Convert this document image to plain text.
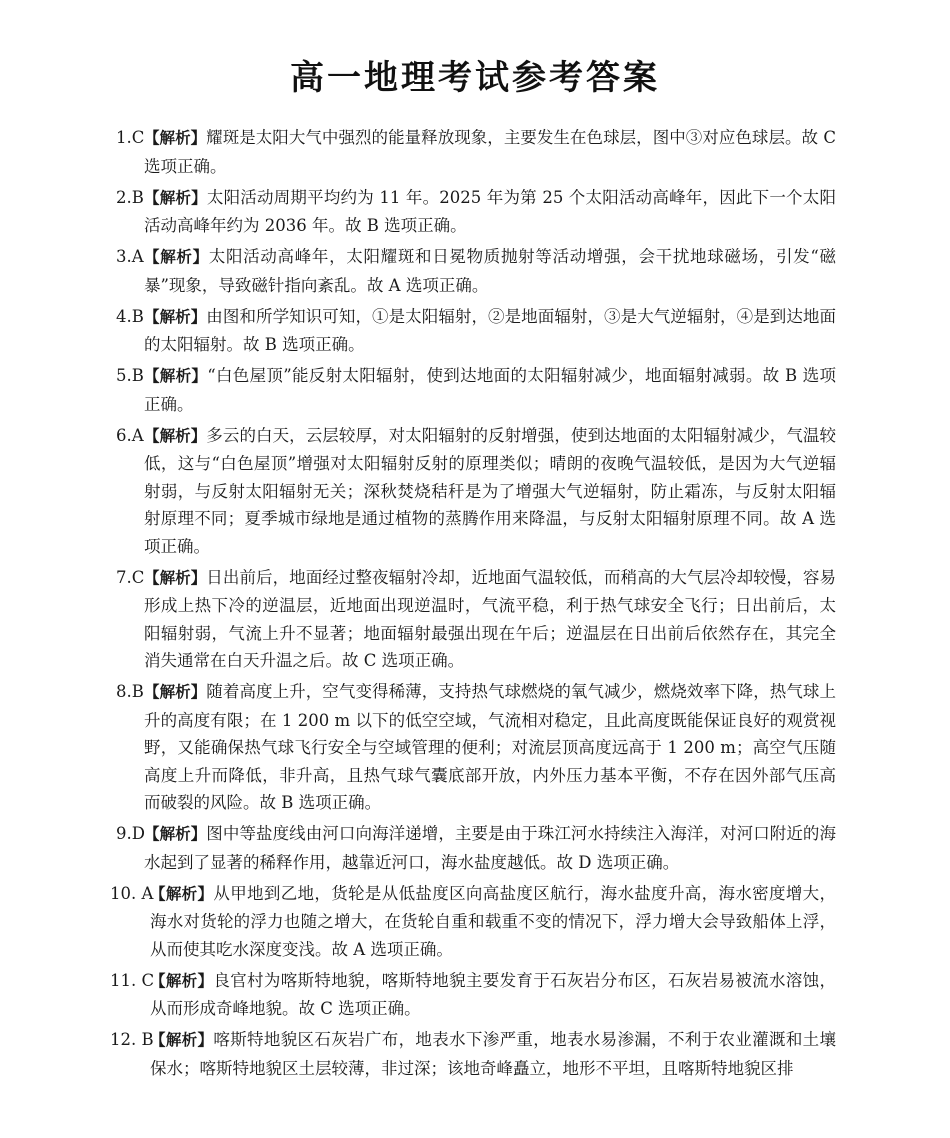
高一地理考试参考答案
1.C 【解析】耀斑是太阳大气中强烈的能量释放现象，主要发生在色球层，图中③对应色球层。故 C 选项正确。
2.B 【解析】太阳活动周期平均约为 11 年。2025 年为第 25 个太阳活动高峰年，因此下一个太阳活动高峰年约为 2036 年。故 B 选项正确。
3.A 【解析】太阳活动高峰年，太阳耀斑和日冕物质抛射等活动增强，会干扰地球磁场，引发“磁暴”现象，导致磁针指向紊乱。故 A 选项正确。
4.B 【解析】由图和所学知识可知，①是太阳辐射，②是地面辐射，③是大气逆辐射，④是到达地面的太阳辐射。故 B 选项正确。
5.B 【解析】“白色屋顶”能反射太阳辐射，使到达地面的太阳辐射减少，地面辐射减弱。故 B 选项正确。
6.A 【解析】多云的白天，云层较厚，对太阳辐射的反射增强，使到达地面的太阳辐射减少，气温较低，这与“白色屋顶”增强对太阳辐射反射的原理类似；晴朗的夜晚气温较低，是因为大气逆辐射弱，与反射太阳辐射无关；深秋焚烧秸秆是为了增强大气逆辐射，防止霜冻，与反射太阳辐射原理不同；夏季城市绿地是通过植物的蒸腾作用来降温，与反射太阳辐射原理不同。故 A 选项正确。
7.C 【解析】日出前后，地面经过整夜辐射冷却，近地面气温较低，而稍高的大气层冷却较慢，容易形成上热下冷的逆温层，近地面出现逆温时，气流平稳，利于热气球安全飞行；日出前后，太阳辐射弱，气流上升不显著；地面辐射最强出现在午后；逆温层在日出前后依然存在，其完全消失通常在白天升温之后。故 C 选项正确。
8.B 【解析】随着高度上升，空气变得稀薄，支持热气球燃烧的氧气减少，燃烧效率下降，热气球上升的高度有限；在 1 200 m 以下的低空空域，气流相对稳定，且此高度既能保证良好的观赏视野，又能确保热气球飞行安全与空域管理的便利；对流层顶高度远高于 1 200 m；高空气压随高度上升而降低，非升高，且热气球气囊底部开放，内外压力基本平衡，不存在因外部气压高而破裂的风险。故 B 选项正确。
9.D 【解析】图中等盐度线由河口向海洋递增，主要是由于珠江河水持续注入海洋，对河口附近的海水起到了显著的稀释作用，越靠近河口，海水盐度越低。故 D 选项正确。
10. A
【解析】从甲地到乙地，货轮是从低盐度区向高盐度区航行，海水盐度升高，海水密度增大，海水对货轮的浮力也随之增大，在货轮自重和载重不变的情况下，浮力增大会导致船体上浮，从而使其吃水深度变浅。故 A 选项正确。
11. C
【解析】良官村为喀斯特地貌，喀斯特地貌主要发育于石灰岩分布区，石灰岩易被流水溶蚀，从而形成奇峰地貌。故 C 选项正确。
12. B
【解析】喀斯特地貌区石灰岩广布，地表水下渗严重，地表水易渗漏，不利于农业灌溉和土壤保水；喀斯特地貌区土层较薄，非过深；该地奇峰矗立，地形不平坦，且喀斯特地貌区排
